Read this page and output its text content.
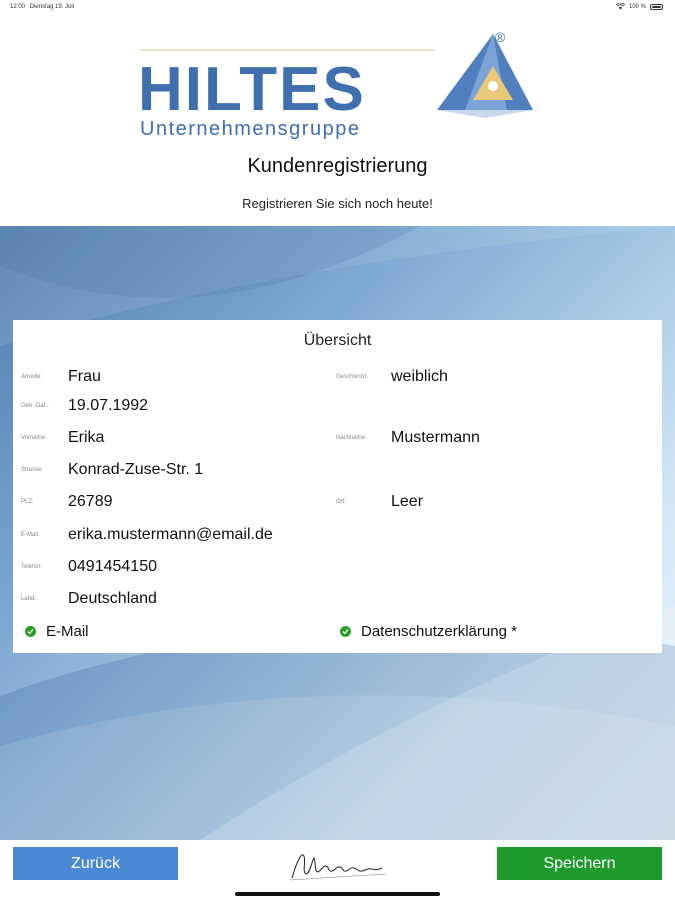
12:00 Dienstag 19. Juli	100 %
HILTES
Unternehmensgruppe
®
Kundenregistrierung
Registrieren Sie sich noch heute!
Übersicht
Anrede: Frau	Geschlecht: weiblich
Geb.-Dat.: 19.07.1992
Vorname: Erika	Nachname: Mustermann
Strasse: Konrad-Zuse-Str. 1
PLZ: 26789	Ort:	Leer
E-Mail: erika.mustermann@email.de
Telefon: 0491454150
Land: Deutschland
E-Mail	Datenschutzerklärung *
Zurück	Speichern
